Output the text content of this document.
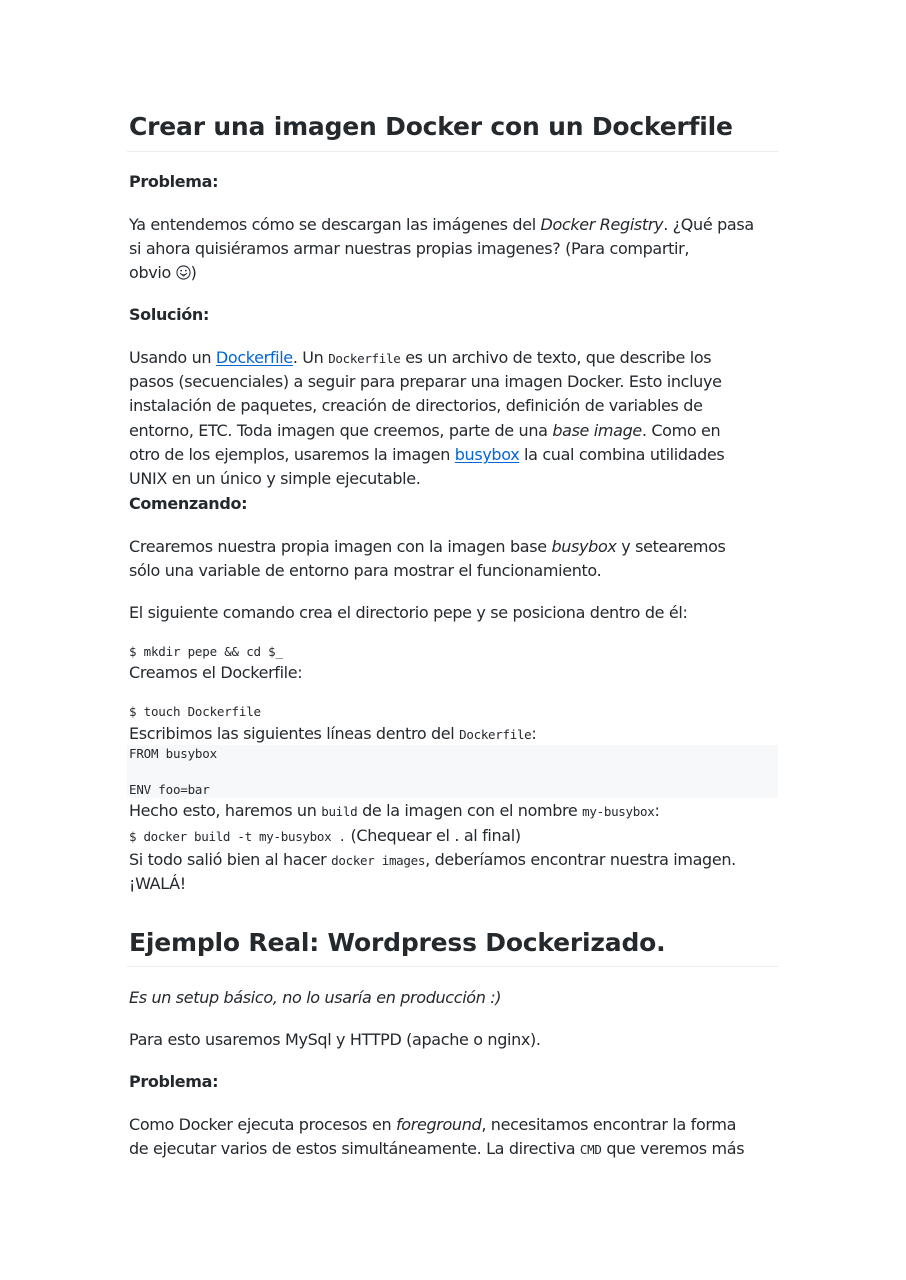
Crear una imagen Docker con un Dockerfile
Problema:
Ya entendemos cómo se descargan las imágenes del Docker Registry. ¿Qué pasa
si ahora quisiéramos armar nuestras propias imagenes? (Para compartir,
obvio )
Solución:
Usando un Dockerfile. Un Dockerfile es un archivo de texto, que describe los
pasos (secuenciales) a seguir para preparar una imagen Docker. Esto incluye
instalación de paquetes, creación de directorios, definición de variables de
entorno, ETC. Toda imagen que creemos, parte de una base image. Como en
otro de los ejemplos, usaremos la imagen busybox la cual combina utilidades
UNIX en un único y simple ejecutable.
Comenzando:
Crearemos nuestra propia imagen con la imagen base busybox y setearemos
sólo una variable de entorno para mostrar el funcionamiento.
El siguiente comando crea el directorio pepe y se posiciona dentro de él:
$ mkdir pepe && cd $_
Creamos el Dockerfile:
$ touch Dockerfile
Escribimos las siguientes líneas dentro del Dockerfile:
FROM busybox

ENV foo=bar
Hecho esto, haremos un build de la imagen con el nombre my-busybox:
$ docker build -t my-busybox . (Chequear el . al final)
Si todo salió bien al hacer docker images, deberíamos encontrar nuestra imagen.
¡WALÁ!
Ejemplo Real: Wordpress Dockerizado.
Es un setup básico, no lo usaría en producción :)
Para esto usaremos MySql y HTTPD (apache o nginx).
Problema:
Como Docker ejecuta procesos en foreground, necesitamos encontrar la forma
de ejecutar varios de estos simultáneamente. La directiva CMD que veremos más
